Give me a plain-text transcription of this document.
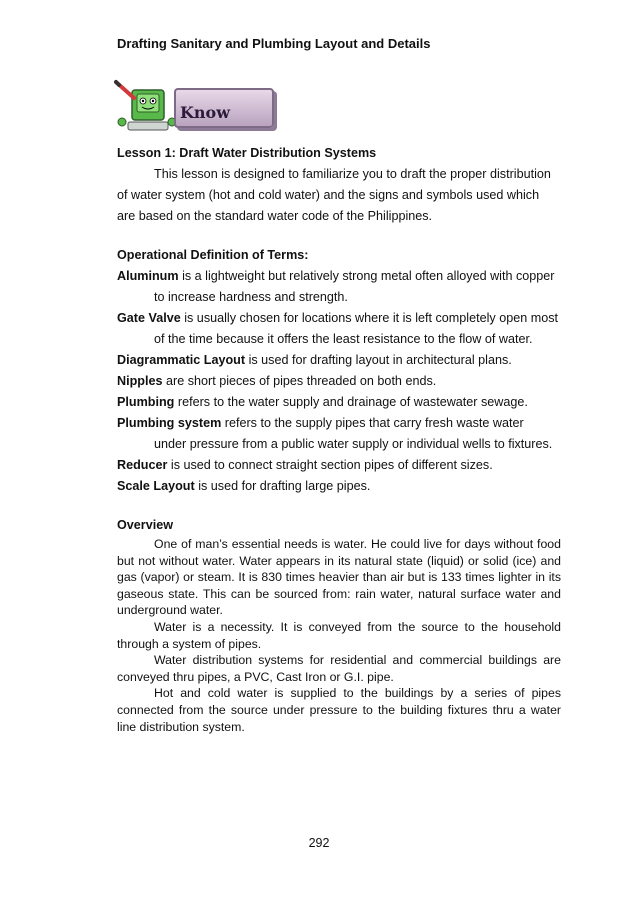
Drafting Sanitary and Plumbing Layout and Details
Know

Lesson 1: Draft Water Distribution Systems

This lesson is designed to familiarize you to draft the proper distribution

of water system (hot and cold water) and the signs and symbols used which

are based on the standard water code of the Philippines.

Operational Definition of Terms:

Aluminum is a lightweight but relatively strong metal often alloyed with copper

to increase hardness and strength.

Gate Valve is usually chosen for locations where it is left completely open most

of the time because it offers the least resistance to the flow of water.

Diagrammatic Layout is used for drafting layout in architectural plans.

Nipples are short pieces of pipes threaded on both ends.

Plumbing refers to the water supply and drainage of wastewater sewage.

Plumbing system refers to the supply pipes that carry fresh waste water

under pressure from a public water supply or individual wells to fixtures.

Reducer is used to connect straight section pipes of different sizes.

Scale Layout is used for drafting large pipes.

Overview

One of man’s essential needs is water. He could live for days without food but not without water. Water appears in its natural state (liquid) or solid (ice) and gas (vapor) or steam. It is 830 times heavier than air but is 133 times lighter in its gaseous state. This can be sourced from: rain water, natural surface water and underground water.

Water is a necessity. It is conveyed from the source to the household through a system of pipes.

Water distribution systems for residential and commercial buildings are conveyed thru pipes, a PVC, Cast Iron or G.I. pipe.

Hot and cold water is supplied to the buildings by a series of pipes connected from the source under pressure to the building fixtures thru a water line distribution system.

292
